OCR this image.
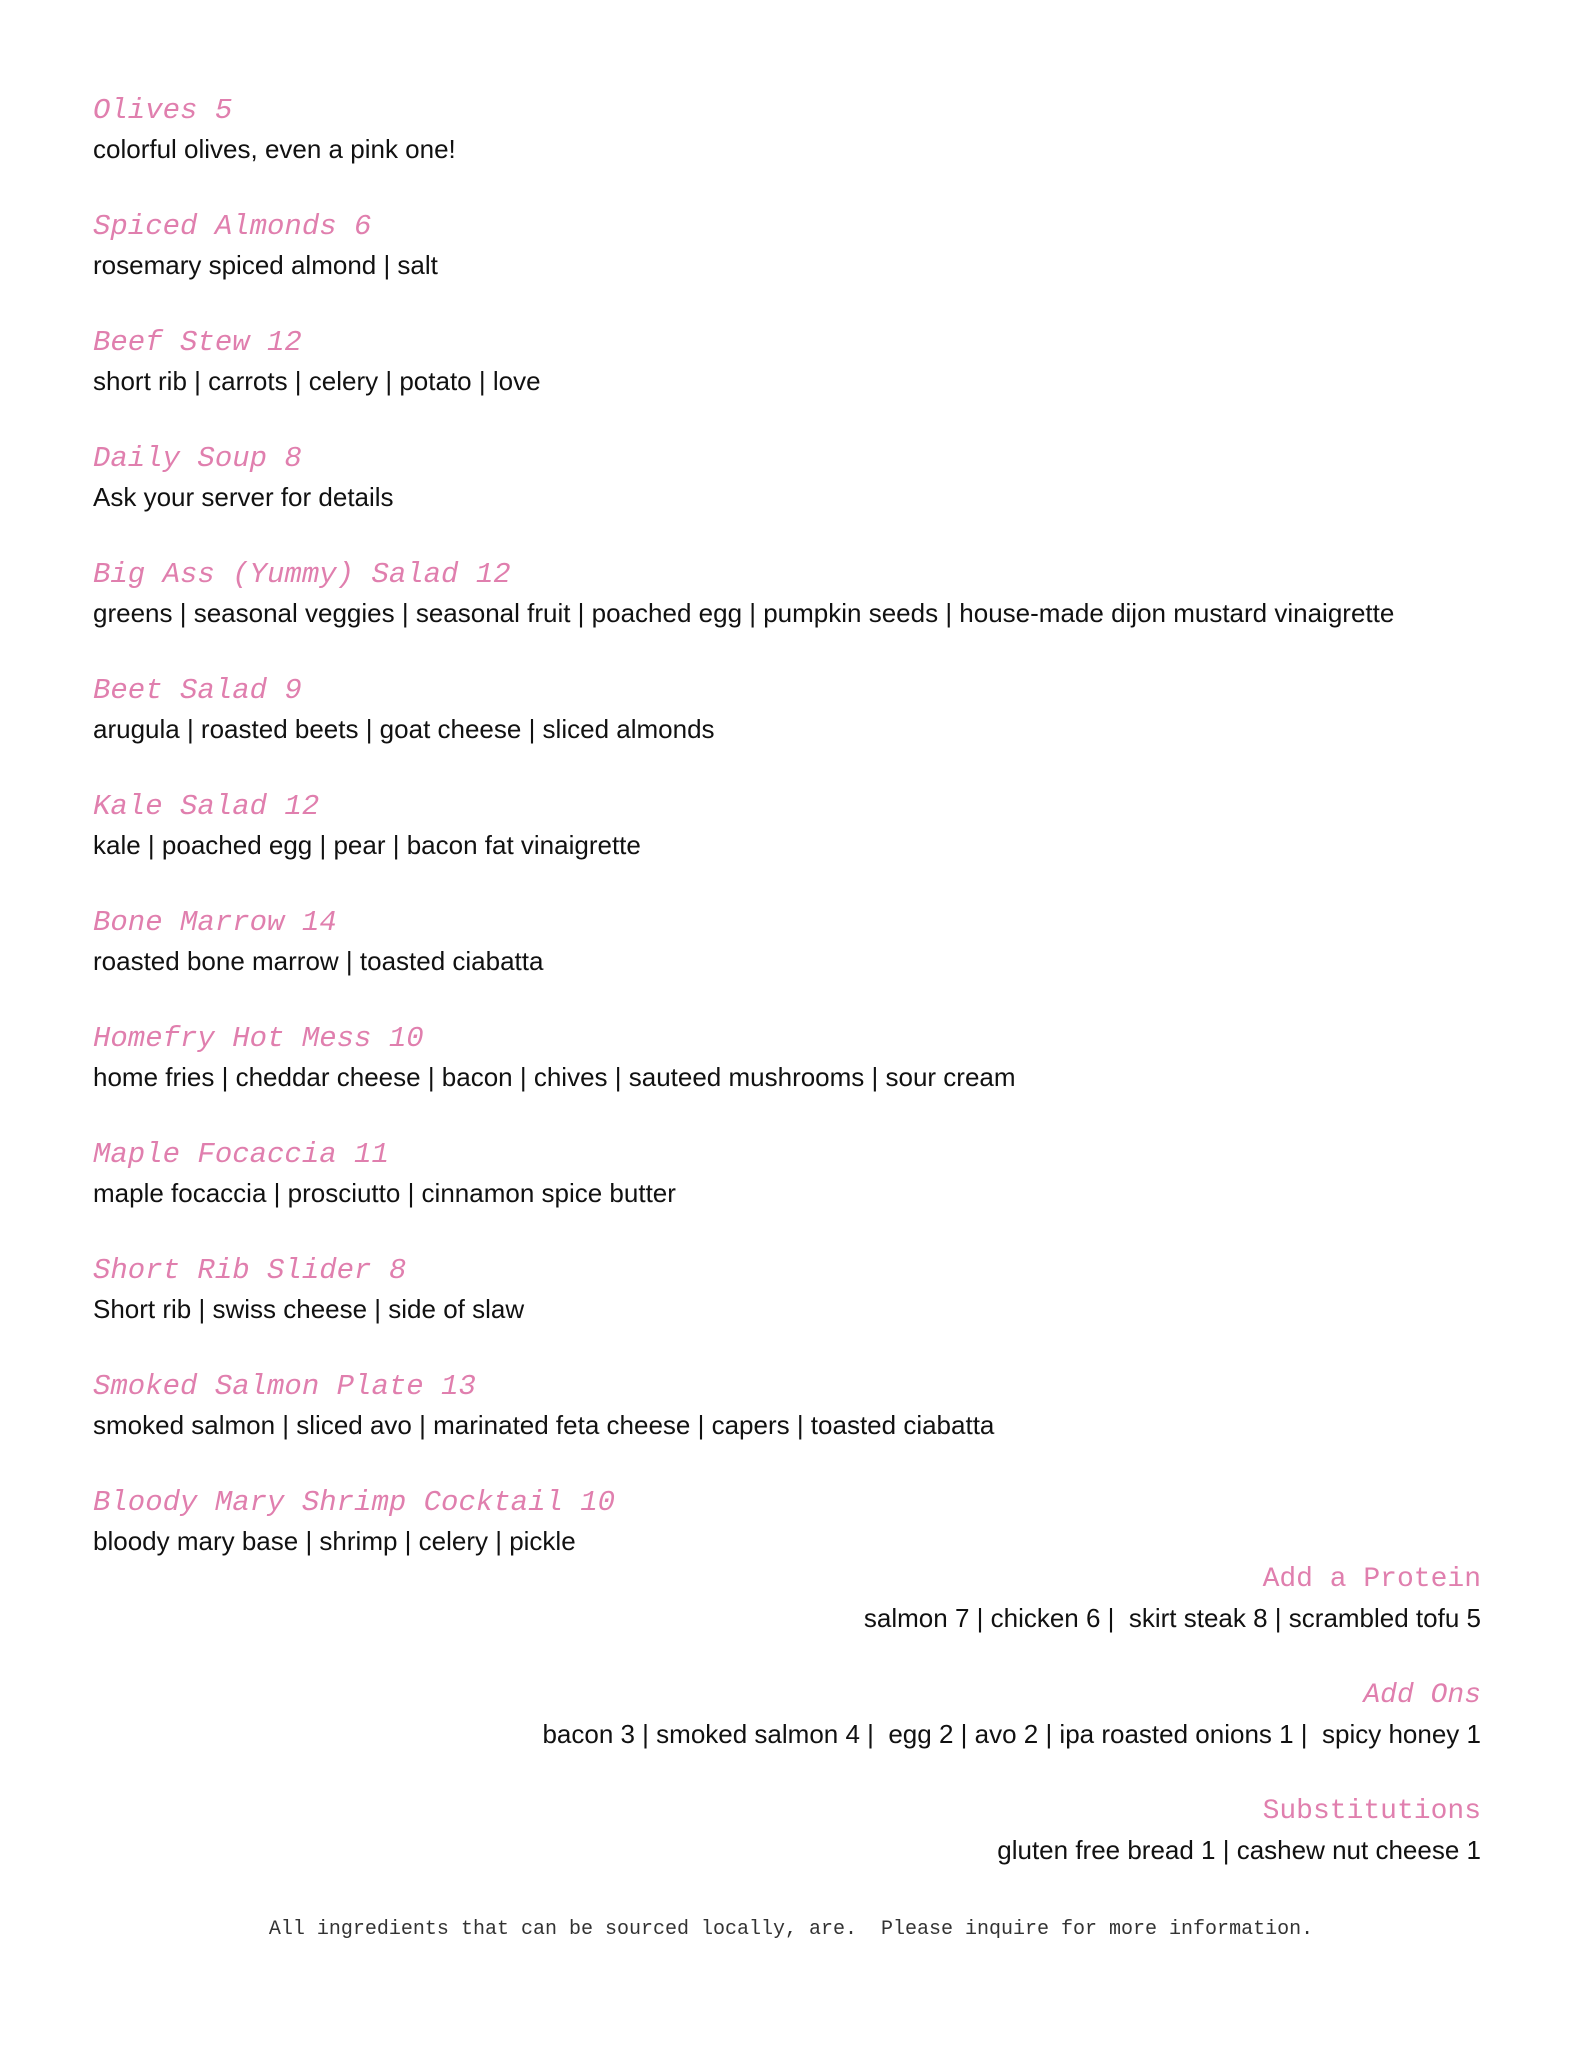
Olives 5
colorful olives, even a pink one!
Spiced Almonds 6
rosemary spiced almond | salt
Beef Stew 12
short rib | carrots | celery | potato | love
Daily Soup 8
Ask your server for details
Big Ass (Yummy) Salad 12
greens | seasonal veggies | seasonal fruit | poached egg | pumpkin seeds | house-made dijon mustard vinaigrette
Beet Salad 9
arugula | roasted beets | goat cheese | sliced almonds
Kale Salad 12
kale | poached egg | pear | bacon fat vinaigrette
Bone Marrow 14
roasted bone marrow | toasted ciabatta
Homefry Hot Mess 10
home fries | cheddar cheese | bacon | chives | sauteed mushrooms | sour cream
Maple Focaccia 11
maple focaccia | prosciutto | cinnamon spice butter
Short Rib Slider 8
Short rib | swiss cheese | side of slaw
Smoked Salmon Plate 13
smoked salmon | sliced avo | marinated feta cheese | capers | toasted ciabatta
Bloody Mary Shrimp Cocktail 10
bloody mary base | shrimp | celery | pickle
Add a Protein
salmon 7 | chicken 6 |  skirt steak 8 | scrambled tofu 5
Add Ons
bacon 3 | smoked salmon 4 |  egg 2 | avo 2 | ipa roasted onions 1 |  spicy honey 1
Substitutions
gluten free bread 1 | cashew nut cheese 1
All ingredients that can be sourced locally, are.  Please inquire for more information.
